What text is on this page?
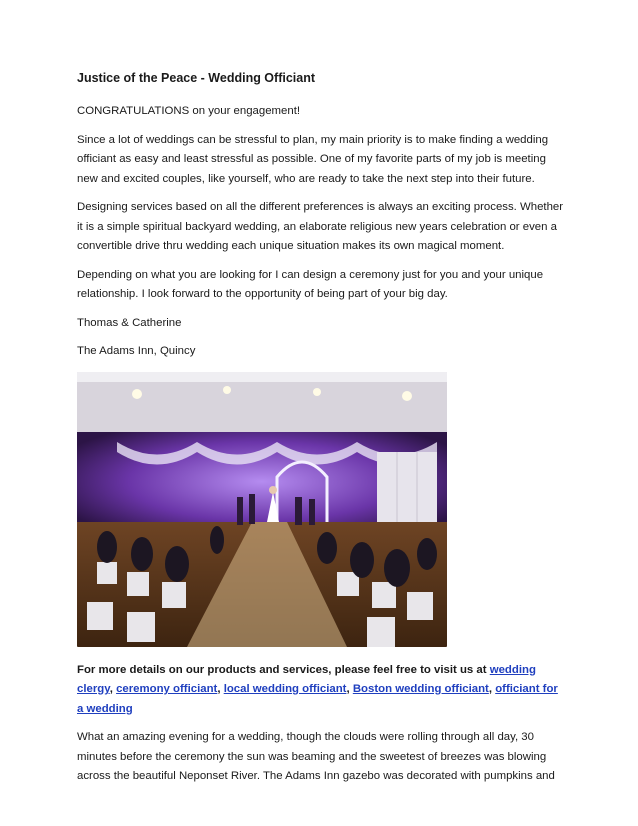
Justice of the Peace - Wedding Officiant

CONGRATULATIONS on your engagement!

Since a lot of weddings can be stressful to plan, my main priority is to make finding a wedding officiant as easy and least stressful as possible. One of my favorite parts of my job is meeting new and excited couples, like yourself, who are ready to take the next step into their future.

Designing services based on all the different preferences is always an exciting process. Whether it is a simple spiritual backyard wedding, an elaborate religious new years celebration or even a convertible drive thru wedding each unique situation makes its own magical moment.

Depending on what you are looking for I can design a ceremony just for you and your unique relationship. I look forward to the opportunity of being part of your big day.

Thomas & Catherine

The Adams Inn, Quincy

For more details on our products and services, please feel free to visit us at wedding clergy, ceremony officiant, local wedding officiant, Boston wedding officiant, officiant for a wedding

What an amazing evening for a wedding, though the clouds were rolling through all day, 30 minutes before the ceremony the sun was beaming and the sweetest of breezes was blowing across the beautiful Neponset River. The Adams Inn gazebo was decorated with pumpkins and
